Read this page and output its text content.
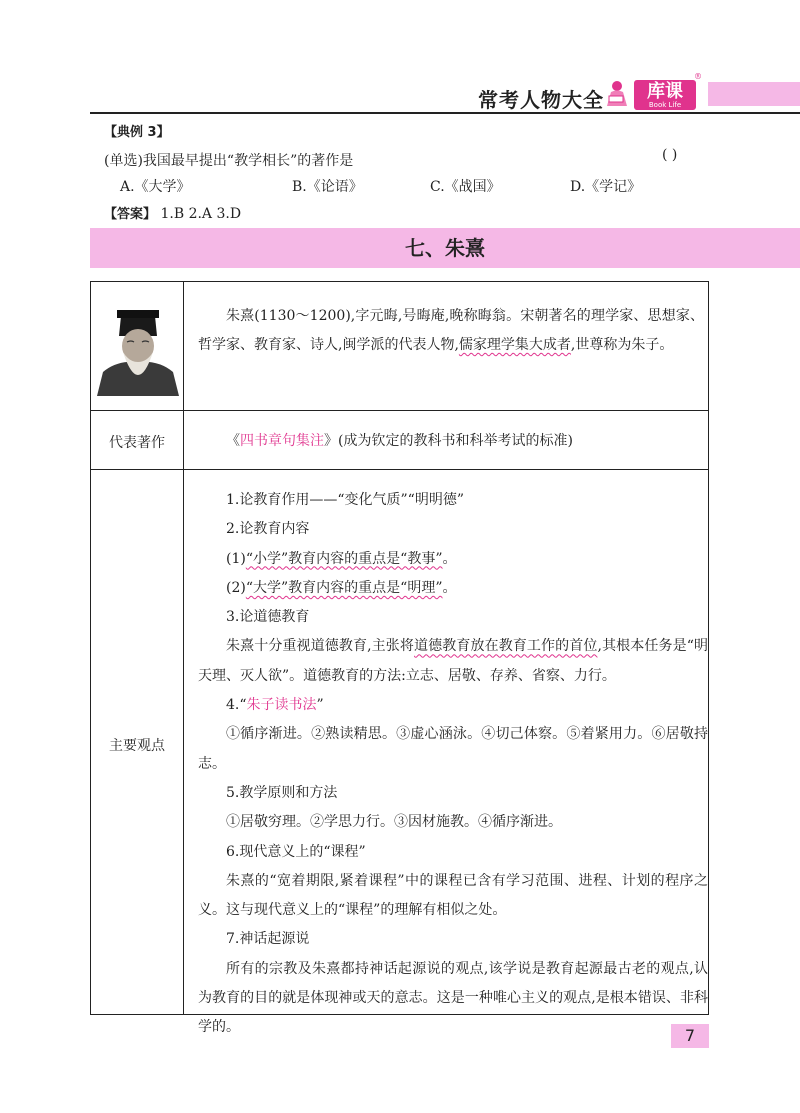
常考人物大全	库课
Book Life
®
【典例 3】
(单选)我国最早提出“教学相长”的著作是	( )
A.《大学》	B.《论语》	C.《战国》	D.《学记》
【答案】 1.B 2.A 3.D
七、朱熹
朱熹(1130～1200),字元晦,号晦庵,晚称晦翁。宋朝著名的理学家、思想家、哲学家、教育家、诗人,闽学派的代表人物,儒家理学集大成者,世尊称为朱子。
代表著作	《四书章句集注》(成为钦定的教科书和科举考试的标准)
主要观点

1.论教育作用——“变化气质”“明明德”

2.论教育内容

(1)“小学”教育内容的重点是“教事”。

(2)“大学”教育内容的重点是“明理”。

3.论道德教育

朱熹十分重视道德教育,主张将道德教育放在教育工作的首位,其根本任务是“明天理、灭人欲”。道德教育的方法:立志、居敬、存养、省察、力行。

4.“朱子读书法”

①循序渐进。②熟读精思。③虚心涵泳。④切己体察。⑤着紧用力。⑥居敬持志。

5.教学原则和方法

①居敬穷理。②学思力行。③因材施教。④循序渐进。

6.现代意义上的“课程”

朱熹的“宽着期限,紧着课程”中的课程已含有学习范围、进程、计划的程序之义。这与现代意义上的“课程”的理解有相似之处。

7.神话起源说

所有的宗教及朱熹都持神话起源说的观点,该学说是教育起源最古老的观点,认为教育的目的就是体现神或天的意志。这是一种唯心主义的观点,是根本错误、非科学的。	7
